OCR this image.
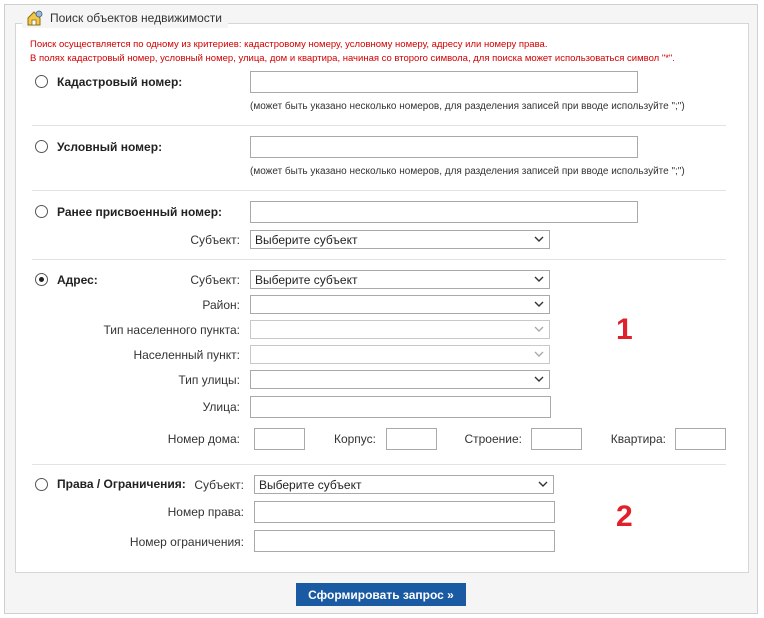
Поиск объектов недвижимости
Поиск осуществляется по одному из критериев: кадастровому номеру, условному номеру, адресу или номеру права.
В полях кадастровый номер, условный номер, улица, дом и квартира, начиная со второго символа, для поиска может использоваться символ "*".
Кадастровый номер:
(может быть указано несколько номеров, для разделения записей при вводе используйте ";")
Условный номер:
(может быть указано несколько номеров, для разделения записей при вводе используйте ";")
Ранее присвоенный номер:
Субъект: Выберите субъект
Адрес:	Субъект: Выберите субъект
Район:
Тип населенного пункта:
Населенный пункт:
Тип улицы:
Улица:
Номер дома:	Корпус:	Строение:	Квартира:
Права / Ограничения: Субъект: Выберите субъект
Номер права:
Номер ограничения:
1
2
Сформировать запрос »
